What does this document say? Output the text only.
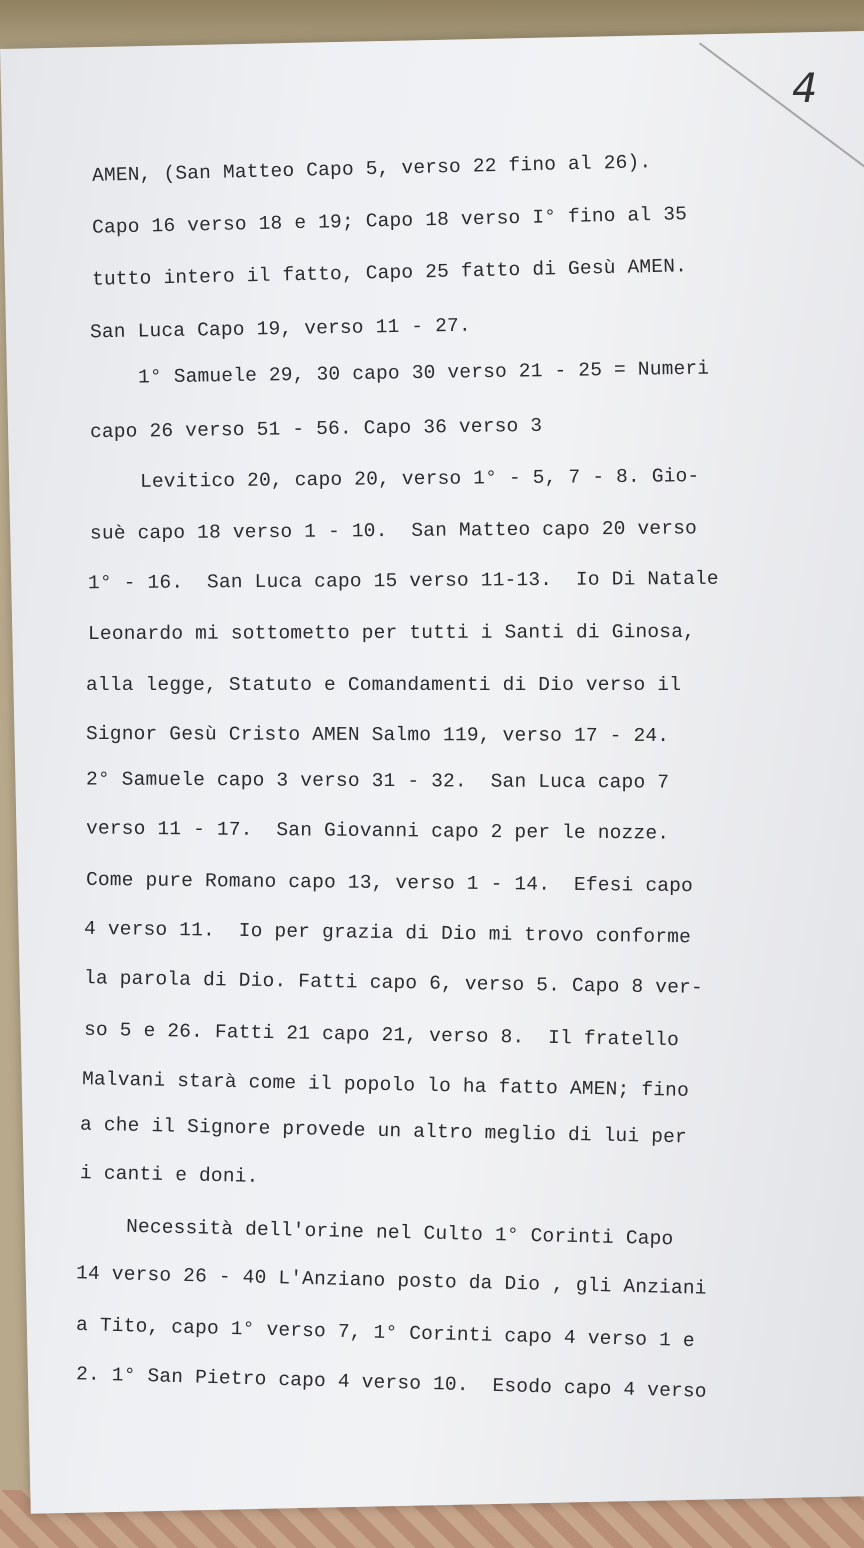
4
AMEN, (San Matteo Capo 5, verso 22 fino al 26).
Capo 16 verso 18 e 19; Capo 18 verso I° fino al 35
tutto intero il fatto, Capo 25 fatto di Gesù AMEN.
San Luca Capo 19, verso 11 - 27.
1° Samuele 29, 30 capo 30 verso 21 - 25 = Numeri
capo 26 verso 51 - 56. Capo 36 verso 3
Levitico 20, capo 20, verso 1° - 5, 7 - 8. Gio-
suè capo 18 verso 1 - 10.  San Matteo capo 20 verso
1° - 16.  San Luca capo 15 verso 11-13.  Io Di Natale
Leonardo mi sottometto per tutti i Santi di Ginosa,
alla legge, Statuto e Comandamenti di Dio verso il
Signor Gesù Cristo AMEN Salmo 119, verso 17 - 24.
2° Samuele capo 3 verso 31 - 32.  San Luca capo 7
verso 11 - 17.  San Giovanni capo 2 per le nozze.
Come pure Romano capo 13, verso 1 - 14.  Efesi capo
4 verso 11.  Io per grazia di Dio mi trovo conforme
la parola di Dio. Fatti capo 6, verso 5. Capo 8 ver-
so 5 e 26. Fatti 21 capo 21, verso 8.  Il fratello
Malvani starà come il popolo lo ha fatto AMEN; fino
a che il Signore provede un altro meglio di lui per
i canti e doni.
Necessità dell'orine nel Culto 1° Corinti Capo
14 verso 26 - 40 L'Anziano posto da Dio , gli Anziani
a Tito, capo 1° verso 7, 1° Corinti capo 4 verso 1 e
2. 1° San Pietro capo 4 verso 10.  Esodo capo 4 verso
